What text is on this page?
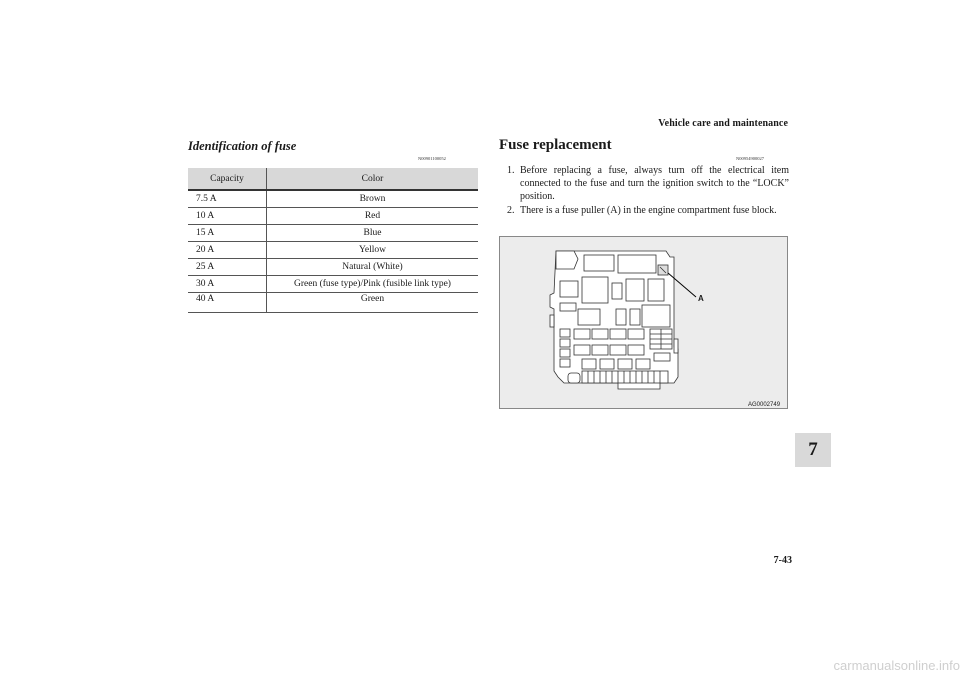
Vehicle care and maintenance
Identification of fuse
N00901100052
Capacity	Color
7.5 A	Brown
10 A	Red
15 A	Blue
20 A	Yellow
25 A	Natural (White)
30 A	Green (fuse type)/Pink (fusible link type)
40 A	Green
Fuse replacement
N00954900027
1. Before replacing a fuse, always turn off the electrical item connected to the fuse and turn the ignition switch to the “LOCK” position.
2. There is a fuse puller (A) in the engine compartment fuse block.
A
AG0002749
7
7-43
carmanualsonline.info
